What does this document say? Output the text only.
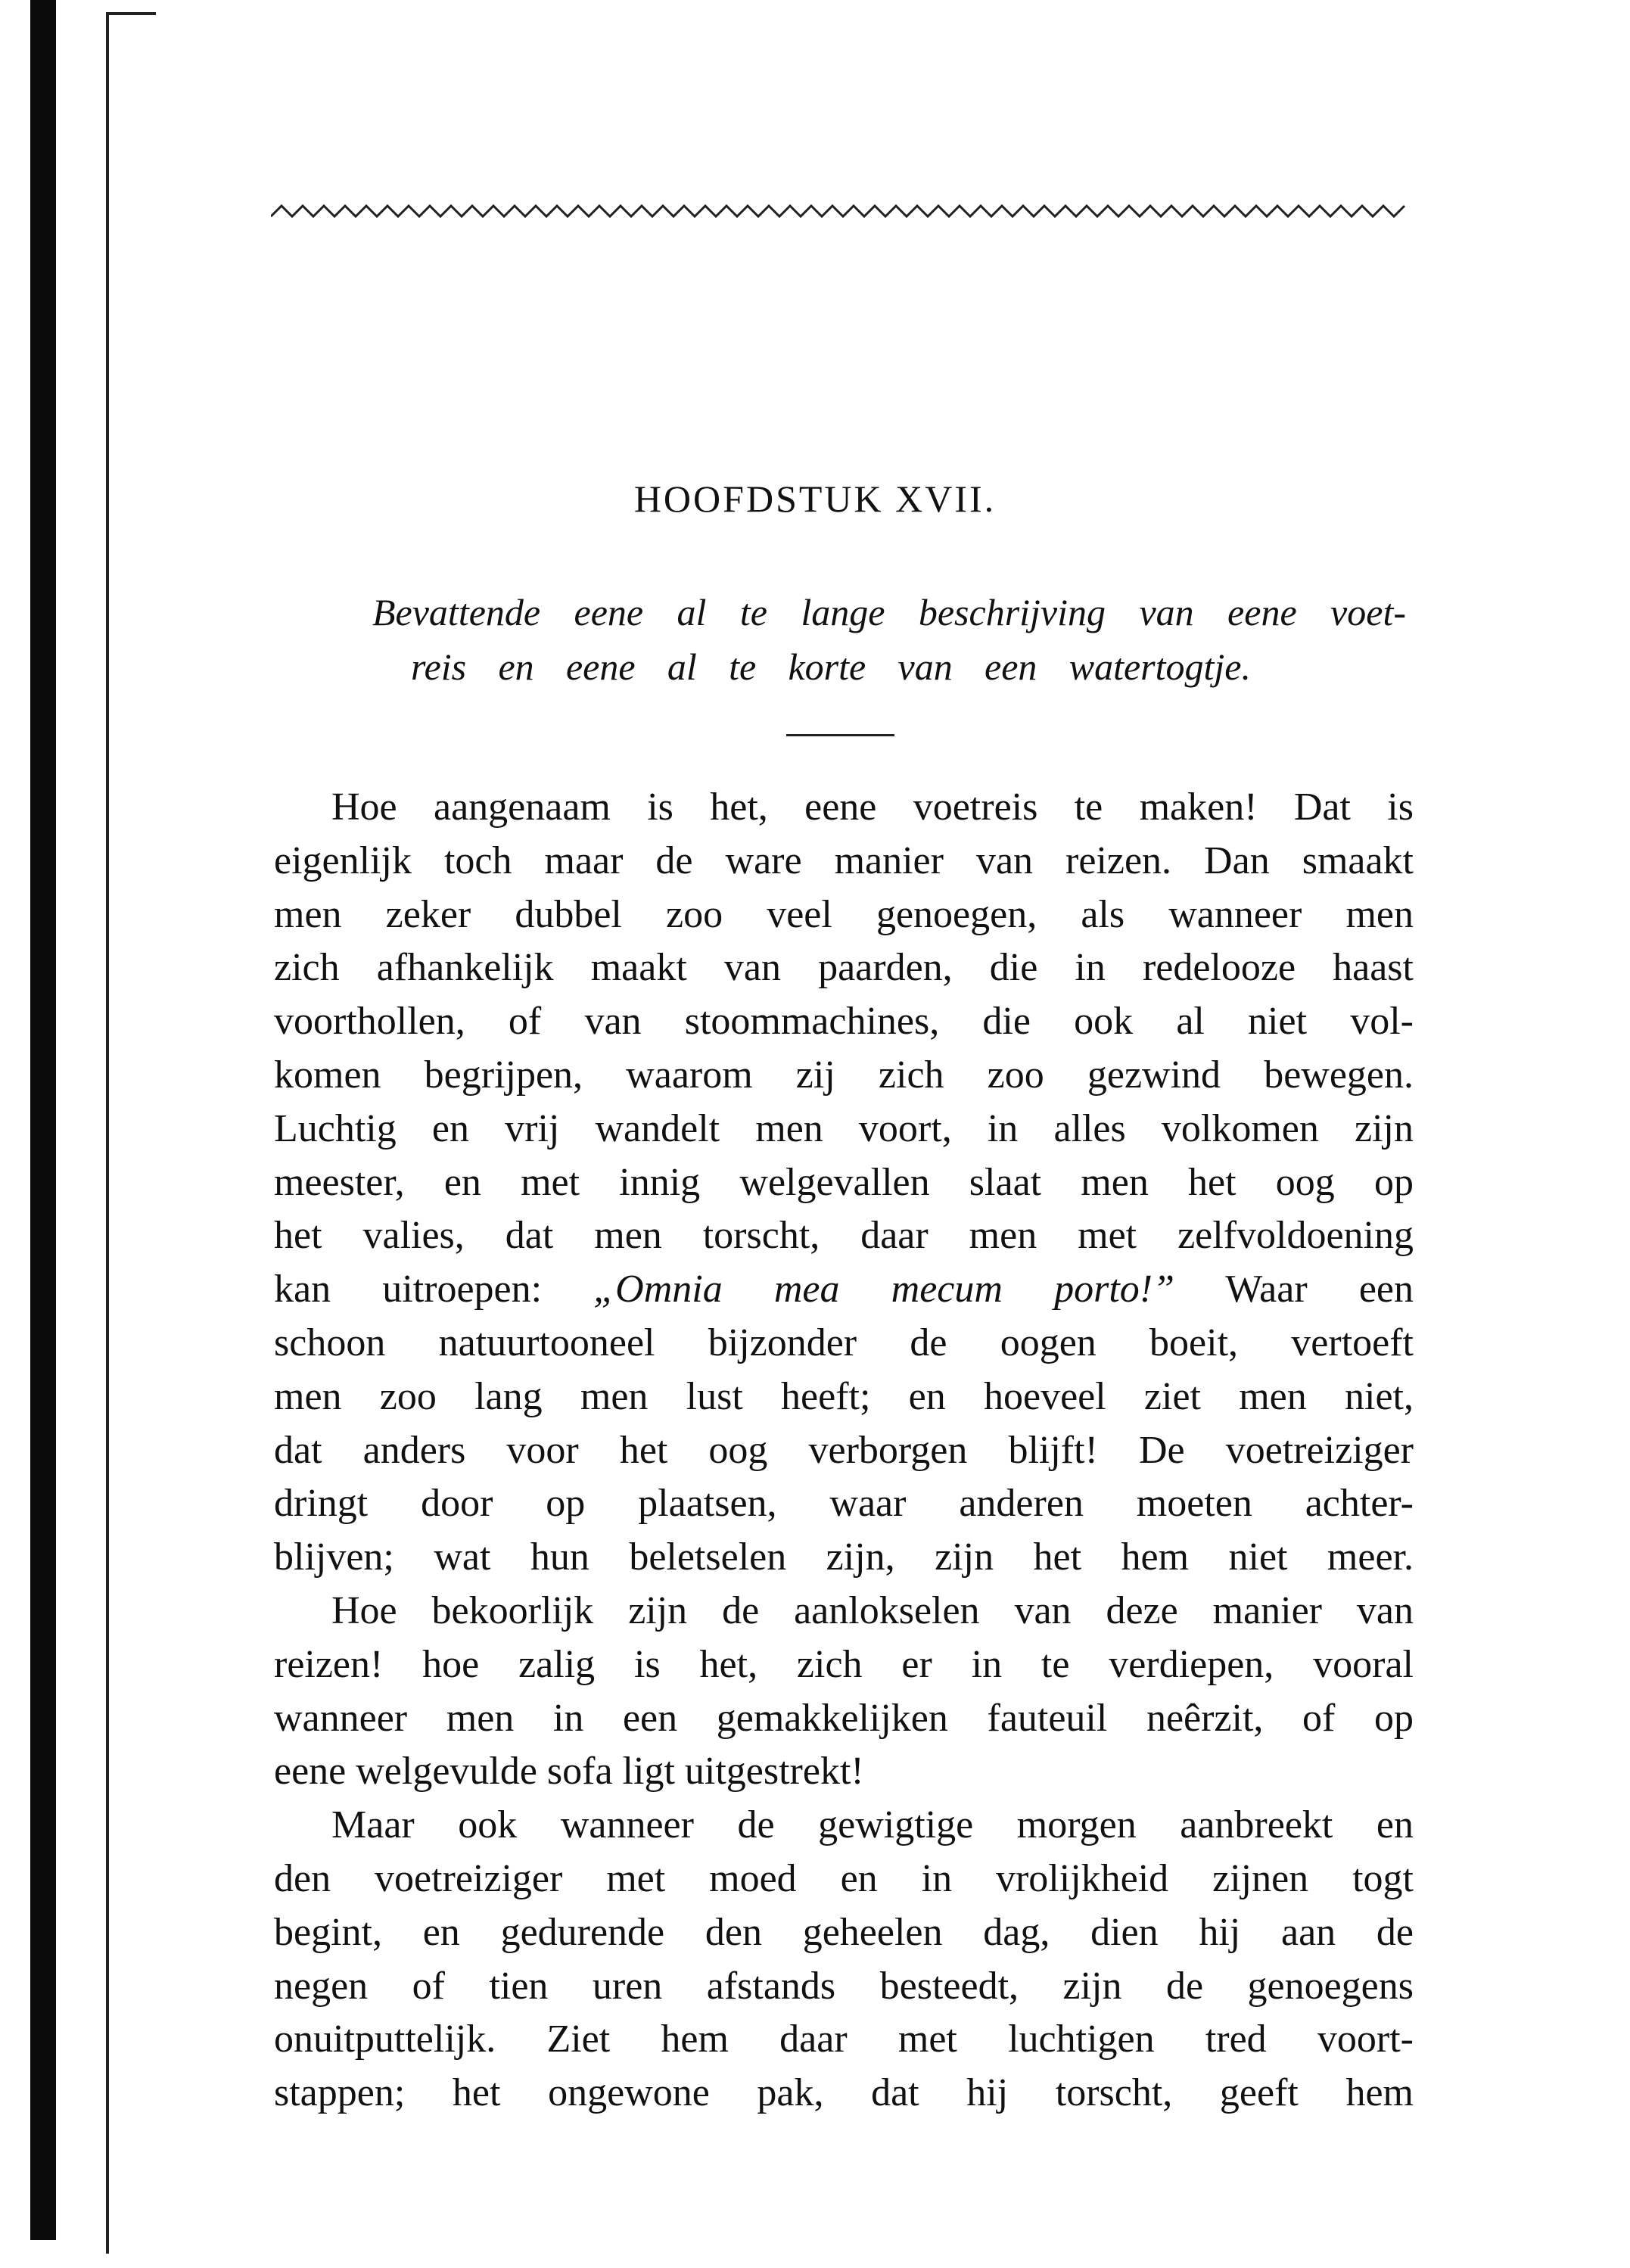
HOOFDSTUK XVII.
Bevattende eene al te lange beschrijving van eene voet-
reis en eene al te korte van een watertogtje.
Hoe aangenaam is het, eene voetreis te maken! Dat is
eigenlijk toch maar de ware manier van reizen. Dan smaakt
men zeker dubbel zoo veel genoegen, als wanneer men
zich afhankelijk maakt van paarden, die in redelooze haast
voorthollen, of van stoommachines, die ook al niet vol-
komen begrijpen, waarom zij zich zoo gezwind bewegen.
Luchtig en vrij wandelt men voort, in alles volkomen zijn
meester, en met innig welgevallen slaat men het oog op
het valies, dat men torscht, daar men met zelfvoldoening
kan uitroepen: „Omnia mea mecum porto!” Waar een
schoon natuurtooneel bijzonder de oogen boeit, vertoeft
men zoo lang men lust heeft; en hoeveel ziet men niet,
dat anders voor het oog verborgen blijft! De voetreiziger
dringt door op plaatsen, waar anderen moeten achter-
blijven; wat hun beletselen zijn, zijn het hem niet meer.
Hoe bekoorlijk zijn de aanlokselen van deze manier van
reizen! hoe zalig is het, zich er in te verdiepen, vooral
wanneer men in een gemakkelijken fauteuil neêrzit, of op
eene welgevulde sofa ligt uitgestrekt!
Maar ook wanneer de gewigtige morgen aanbreekt en
den voetreiziger met moed en in vrolijkheid zijnen togt
begint, en gedurende den geheelen dag, dien hij aan de
negen of tien uren afstands besteedt, zijn de genoegens
onuitputtelijk. Ziet hem daar met luchtigen tred voort-
stappen; het ongewone pak, dat hij torscht, geeft hem
